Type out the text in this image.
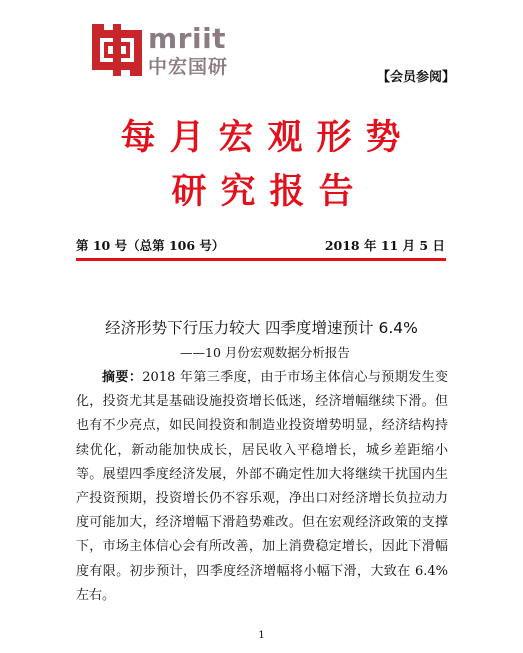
mriit
中宏国研	【会员参阅】
每月宏观形势
研究报告
第 10 号（总第 106 号）	2018 年 11 月 5 日
经济形势下行压力较大 四季度增速预计 6.4%
——10 月份宏观数据分析报告

摘要：2018 年第三季度，由于市场主体信心与预期发生变化，投资尤其是基础设施投资增长低迷，经济增幅继续下滑。但也有不少亮点，如民间投资和制造业投资增势明显，经济结构持续优化，新动能加快成长，居民收入平稳增长，城乡差距缩小等。展望四季度经济发展，外部不确定性加大将继续干扰国内生产投资预期，投资增长仍不容乐观，净出口对经济增长负拉动力度可能加大，经济增幅下滑趋势难改。但在宏观经济政策的支撑下，市场主体信心会有所改善，加上消费稳定增长，因此下滑幅度有限。初步预计，四季度经济增幅将小幅下滑，大致在 6.4%左右。

1
